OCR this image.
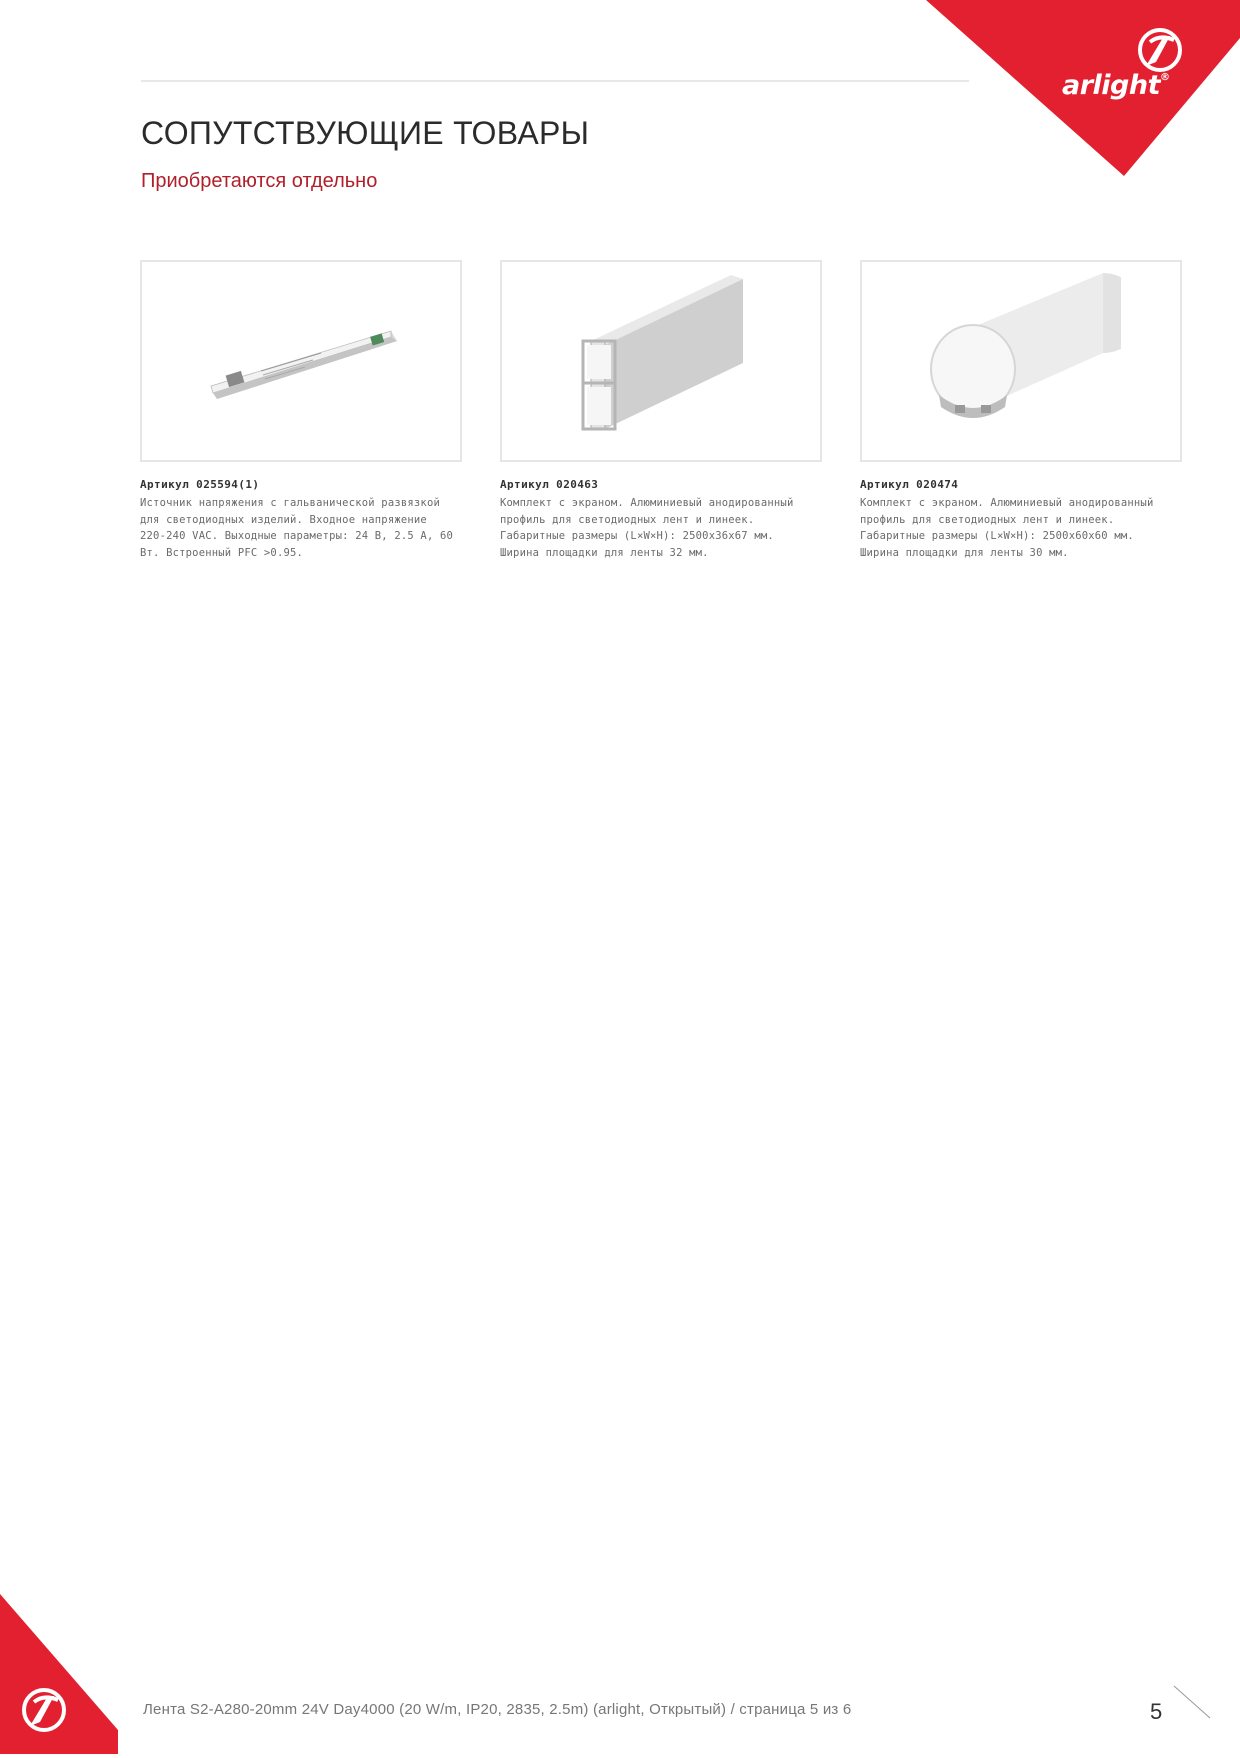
arlight®
СОПУТСТВУЮЩИЕ ТОВАРЫ
Приобретаются отдельно
Артикул 025594(1)
Источник напряжения с гальванической развязкой
для светодиодных изделий. Входное напряжение
220-240 VAC. Выходные параметры: 24 В, 2.5 А, 60
Вт. Встроенный PFC >0.95.
Артикул 020463
Комплект с экраном. Алюминиевый анодированный
профиль для светодиодных лент и линеек.
Габаритные размеры (L×W×H): 2500x36x67 мм.
Ширина площадки для ленты 32 мм.
Артикул 020474
Комплект с экраном. Алюминиевый анодированный
профиль для светодиодных лент и линеек.
Габаритные размеры (L×W×H): 2500x60x60 мм.
Ширина площадки для ленты 30 мм.
Лента S2-A280-20mm 24V Day4000 (20 W/m, IP20, 2835, 2.5m) (arlight, Открытый) / страница 5 из 6	5
